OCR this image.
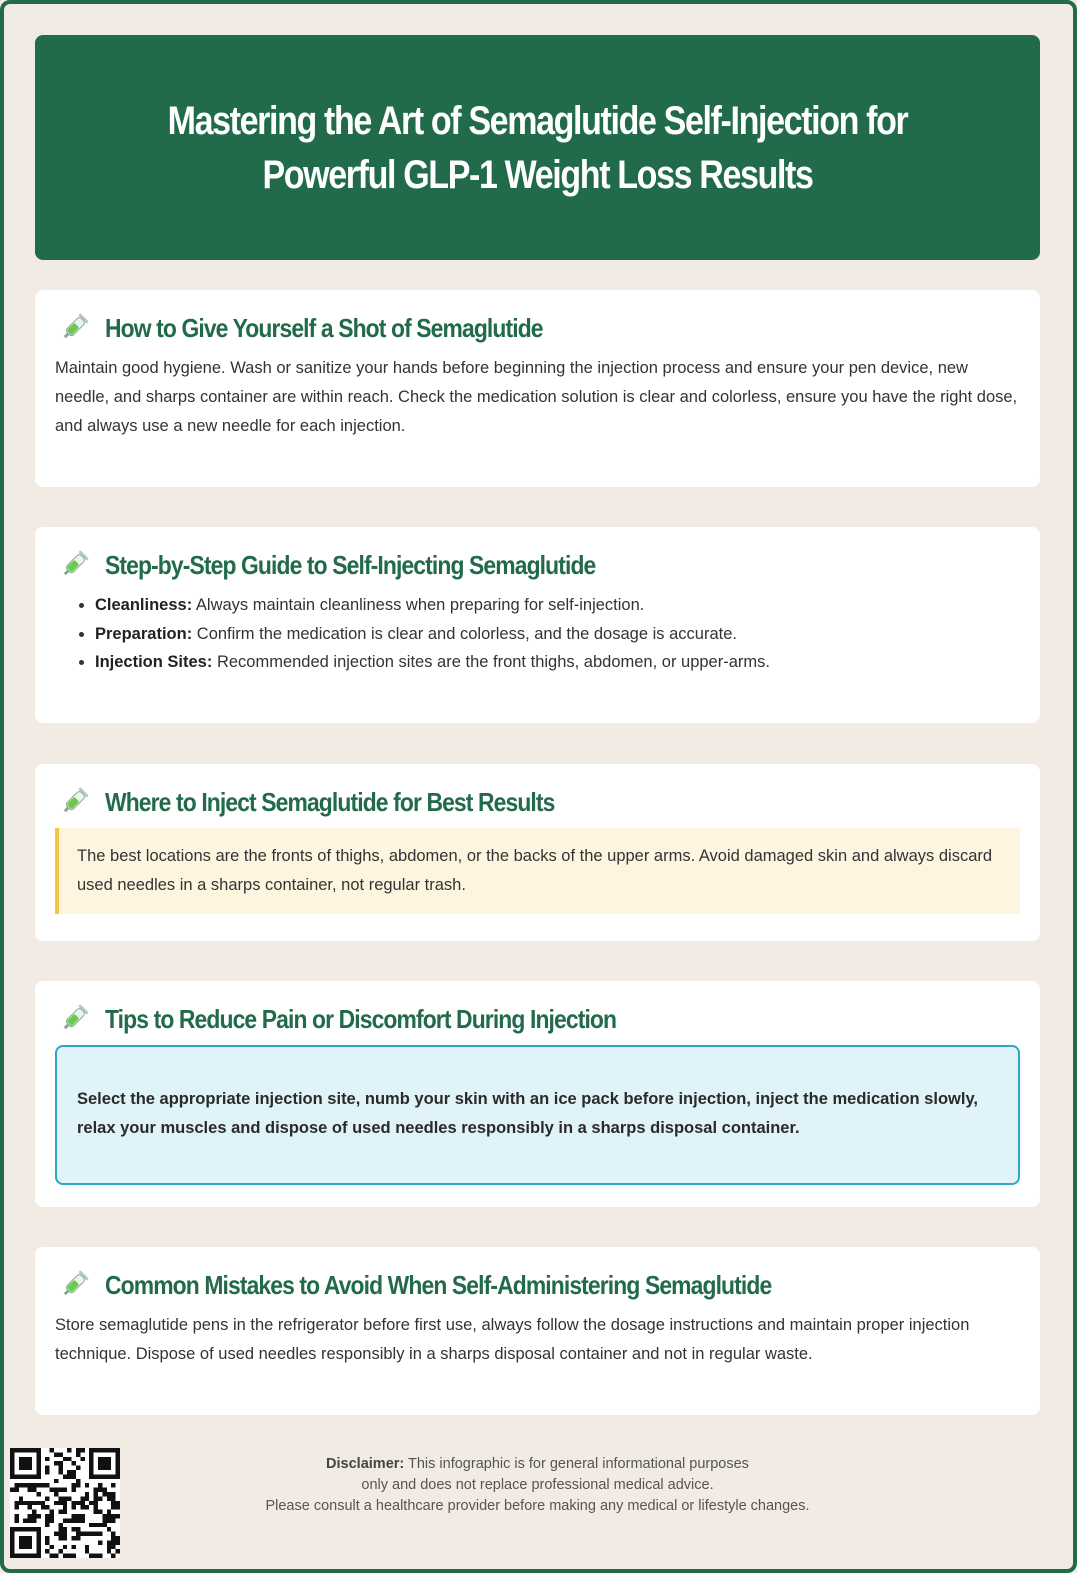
Mastering the Art of Semaglutide Self-Injection for Powerful GLP-1 Weight Loss Results
How to Give Yourself a Shot of Semaglutide

Maintain good hygiene. Wash or sanitize your hands before beginning the injection process and ensure your pen device, new needle, and sharps container are within reach. Check the medication solution is clear and colorless, ensure you have the right dose, and always use a new needle for each injection.

Step-by-Step Guide to Self-Injecting Semaglutide
• Cleanliness: Always maintain cleanliness when preparing for self-injection.
• Preparation: Confirm the medication is clear and colorless, and the dosage is accurate.
• Injection Sites: Recommended injection sites are the front thighs, abdomen, or upper-arms.
Where to Inject Semaglutide for Best Results

The best locations are the fronts of thighs, abdomen, or the backs of the upper arms. Avoid damaged skin and always discard used needles in a sharps container, not regular trash.

Tips to Reduce Pain or Discomfort During Injection

Select the appropriate injection site, numb your skin with an ice pack before injection, inject the medication slowly, relax your muscles and dispose of used needles responsibly in a sharps disposal container.

Common Mistakes to Avoid When Self-Administering Semaglutide

Store semaglutide pens in the refrigerator before first use, always follow the dosage instructions and maintain proper injection technique. Dispose of used needles responsibly in a sharps disposal container and not in regular waste.

Disclaimer: This infographic is for general informational purposes
only and does not replace professional medical advice.
Please consult a healthcare provider before making any medical or lifestyle changes.
